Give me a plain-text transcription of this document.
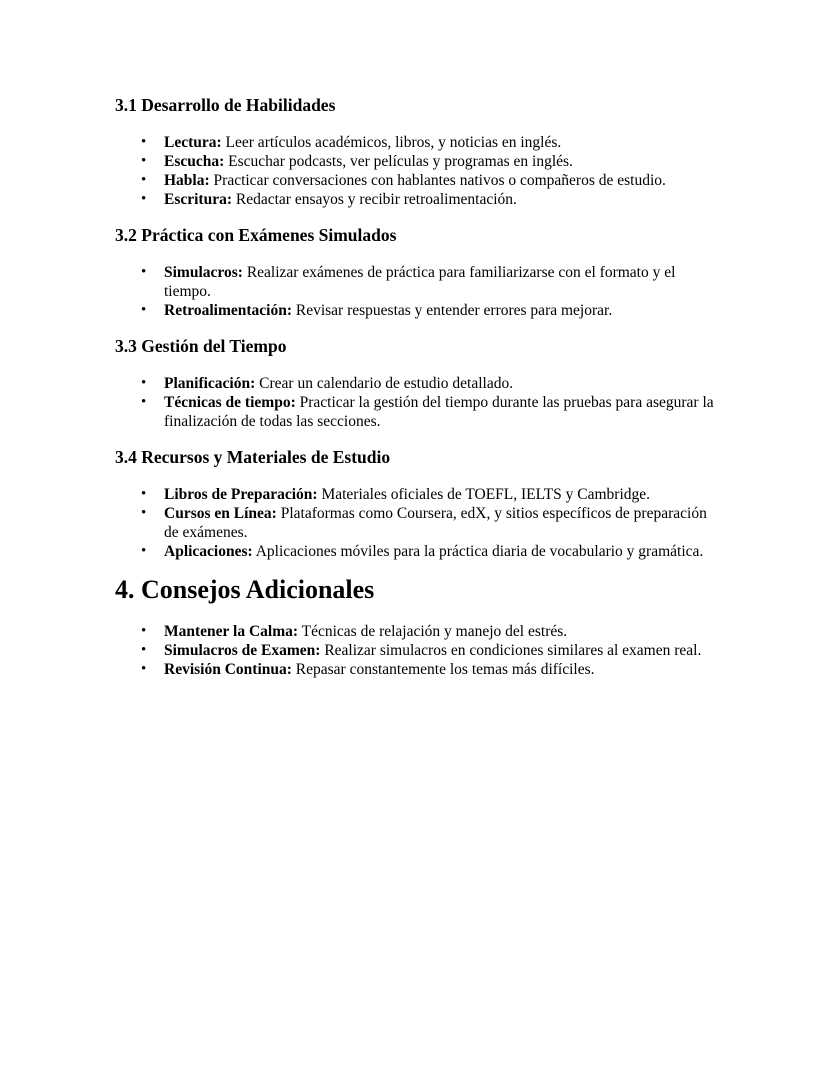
3.1 Desarrollo de Habilidades
• Lectura: Leer artículos académicos, libros, y noticias en inglés.
• Escucha: Escuchar podcasts, ver películas y programas en inglés.
• Habla: Practicar conversaciones con hablantes nativos o compañeros de estudio.
• Escritura: Redactar ensayos y recibir retroalimentación.
3.2 Práctica con Exámenes Simulados
• Simulacros: Realizar exámenes de práctica para familiarizarse con el formato y el tiempo.
• Retroalimentación: Revisar respuestas y entender errores para mejorar.
3.3 Gestión del Tiempo
• Planificación: Crear un calendario de estudio detallado.
• Técnicas de tiempo: Practicar la gestión del tiempo durante las pruebas para asegurar la finalización de todas las secciones.
3.4 Recursos y Materiales de Estudio
• Libros de Preparación: Materiales oficiales de TOEFL, IELTS y Cambridge.
• Cursos en Línea: Plataformas como Coursera, edX, y sitios específicos de preparación de exámenes.
• Aplicaciones: Aplicaciones móviles para la práctica diaria de vocabulario y gramática.
4. Consejos Adicionales
• Mantener la Calma: Técnicas de relajación y manejo del estrés.
• Simulacros de Examen: Realizar simulacros en condiciones similares al examen real.
• Revisión Continua: Repasar constantemente los temas más difíciles.
